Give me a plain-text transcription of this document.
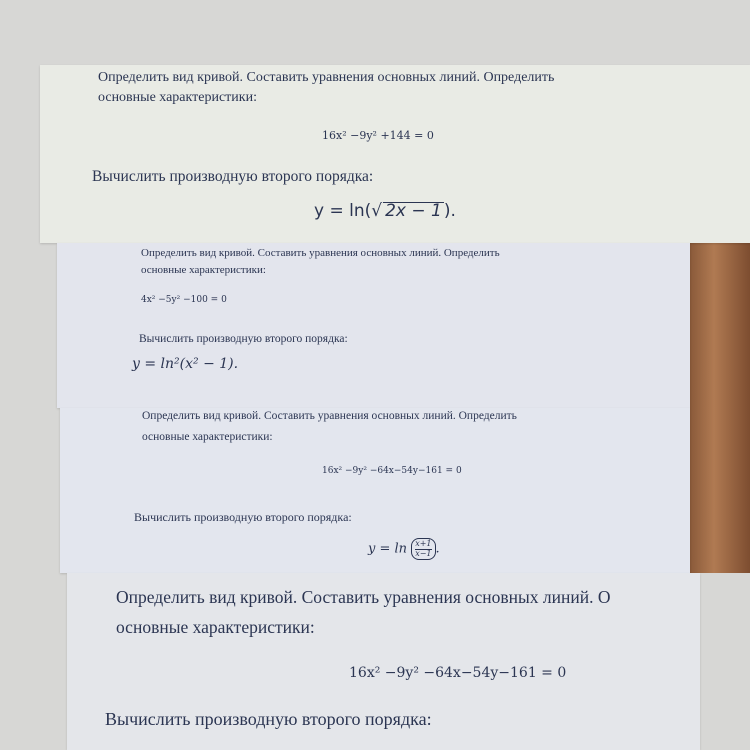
Определить вид кривой. Составить уравнения основных линий. Определить
основные характеристики:
16x² −9y² +144 = 0
Вычислить производную второго порядка:
y = ln(√ 2x − 1 ).
Определить вид кривой. Составить уравнения основных линий. Определить
основные характеристики:
4x² −5y² −100 = 0
Вычислить производную второго порядка:
y = ln²(x² − 1).
Определить вид кривой. Составить уравнения основных линий. Определить
основные характеристики:
16x² −9y² −64x−54y−161 = 0
Вычислить производную второго порядка:
$y = \ln \frac{x+1}{x-1}$ .
Определить вид кривой. Составить уравнения основных линий. О
основные характеристики:
16x² −9y² −64x−54y−161 = 0
Вычислить производную второго порядка:
